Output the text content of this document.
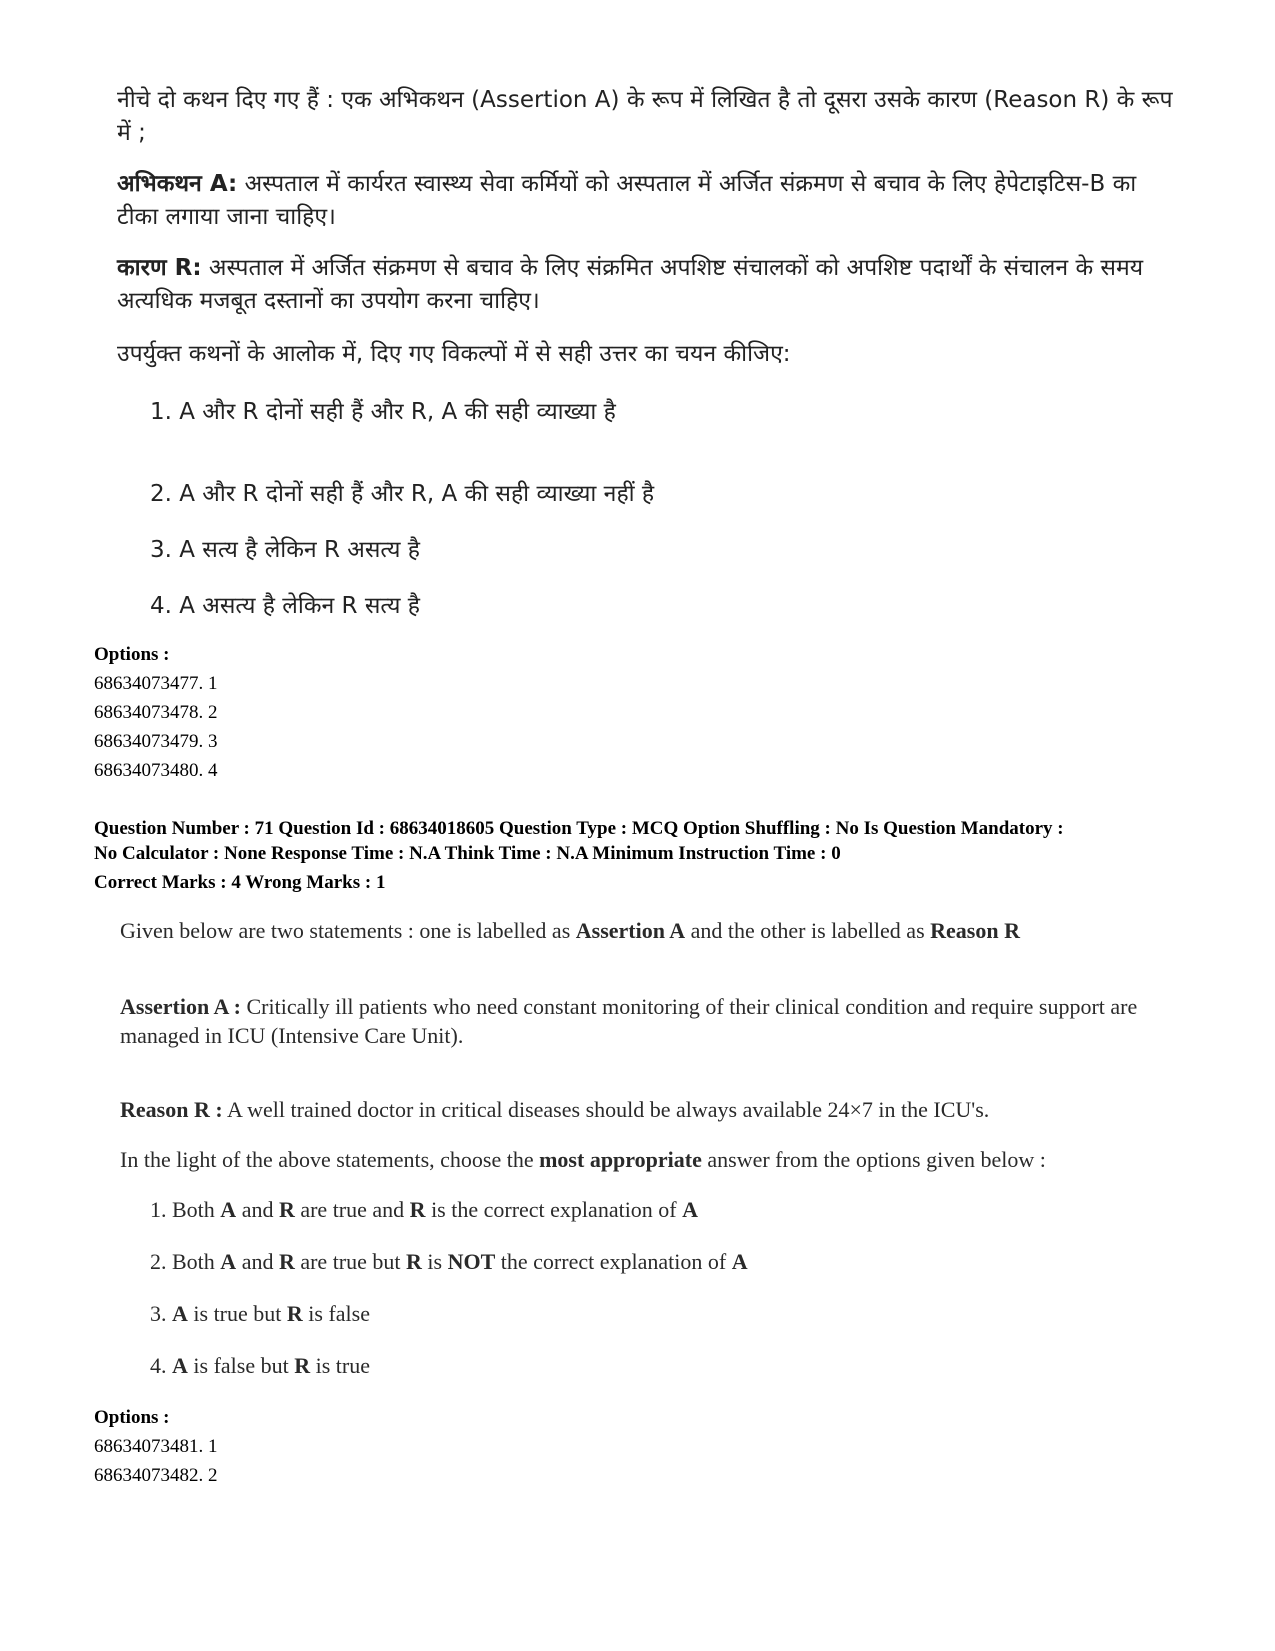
नीचे दो कथन दिए गए हैं : एक अभिकथन (Assertion A) के रूप में लिखित है तो दूसरा उसके कारण (Reason R) के रूप में ;
अभिकथन A: अस्पताल में कार्यरत स्वास्थ्य सेवा कर्मियों को अस्पताल में अर्जित संक्रमण से बचाव के लिए हेपेटाइटिस-B का टीका लगाया जाना चाहिए।
कारण R: अस्पताल में अर्जित संक्रमण से बचाव के लिए संक्रमित अपशिष्ट संचालकों को अपशिष्ट पदार्थों के संचालन के समय अत्यधिक मजबूत दस्तानों का उपयोग करना चाहिए।
उपर्युक्त कथनों के आलोक में, दिए गए विकल्पों में से सही उत्तर का चयन कीजिए:
1. A और R दोनों सही हैं और R, A की सही व्याख्या है
2. A और R दोनों सही हैं और R, A की सही व्याख्या नहीं है
3. A सत्य है लेकिन R असत्य है
4. A असत्य है लेकिन R सत्य है
Options :
68634073477. 1
68634073478. 2
68634073479. 3
68634073480. 4
Question Number : 71 Question Id : 68634018605 Question Type : MCQ Option Shuffling : No Is Question Mandatory :
No Calculator : None Response Time : N.A Think Time : N.A Minimum Instruction Time : 0
Correct Marks : 4 Wrong Marks : 1
Given below are two statements : one is labelled as Assertion A and the other is labelled as Reason R
Assertion A : Critically ill patients who need constant monitoring of their clinical condition and require support are managed in ICU (Intensive Care Unit).
Reason R : A well trained doctor in critical diseases should be always available 24×7 in the ICU's.
In the light of the above statements, choose the most appropriate answer from the options given below :
1. Both A and R are true and R is the correct explanation of A
2. Both A and R are true but R is NOT the correct explanation of A
3. A is true but R is false
4. A is false but R is true
Options :
68634073481. 1
68634073482. 2
